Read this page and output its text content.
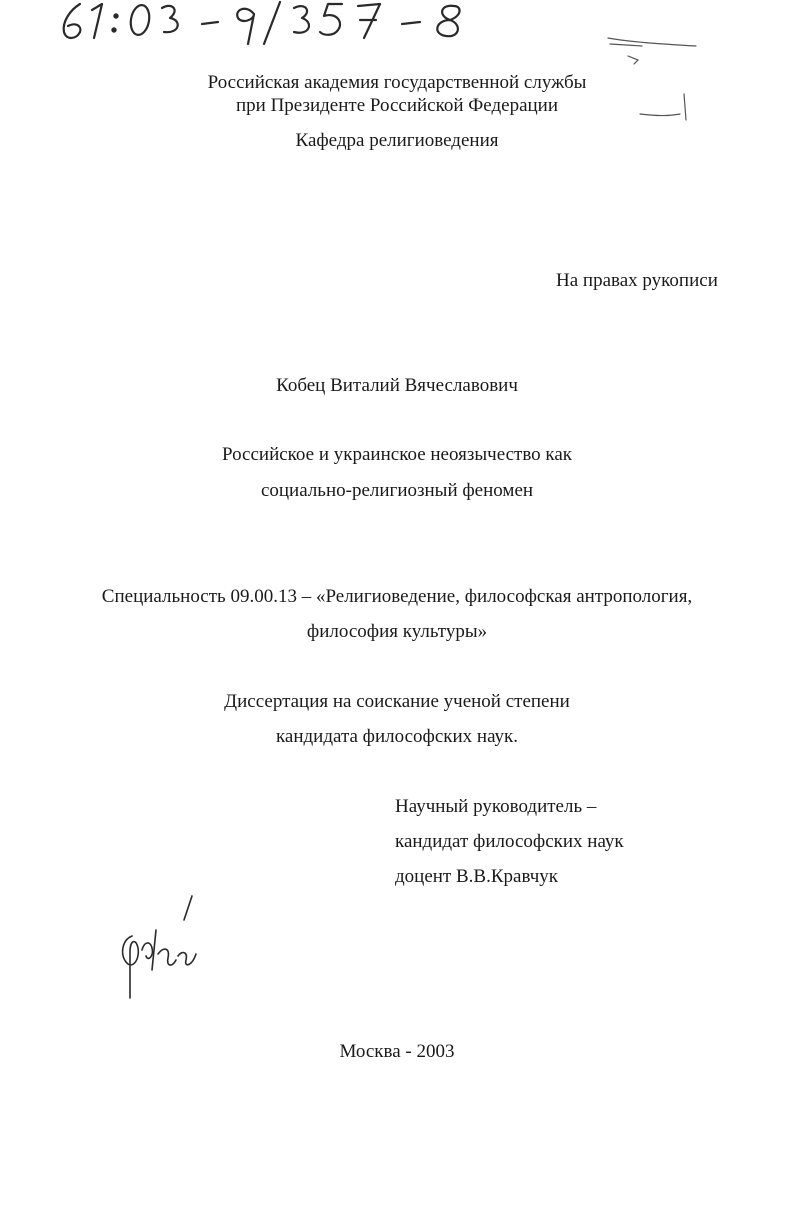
Российская академия государственной службы
при Президенте Российской Федерации
Кафедра религиоведения
На правах рукописи
Кобец Виталий Вячеславович
Российское и украинское неоязычество как
социально-религиозный феномен
Специальность 09.00.13 – «Религиоведение, философская антропология,
философия культуры»
Диссертация на соискание ученой степени
кандидата философских наук.
Научный руководитель –
кандидат философских наук
доцент В.В.Кравчук
Москва - 2003
